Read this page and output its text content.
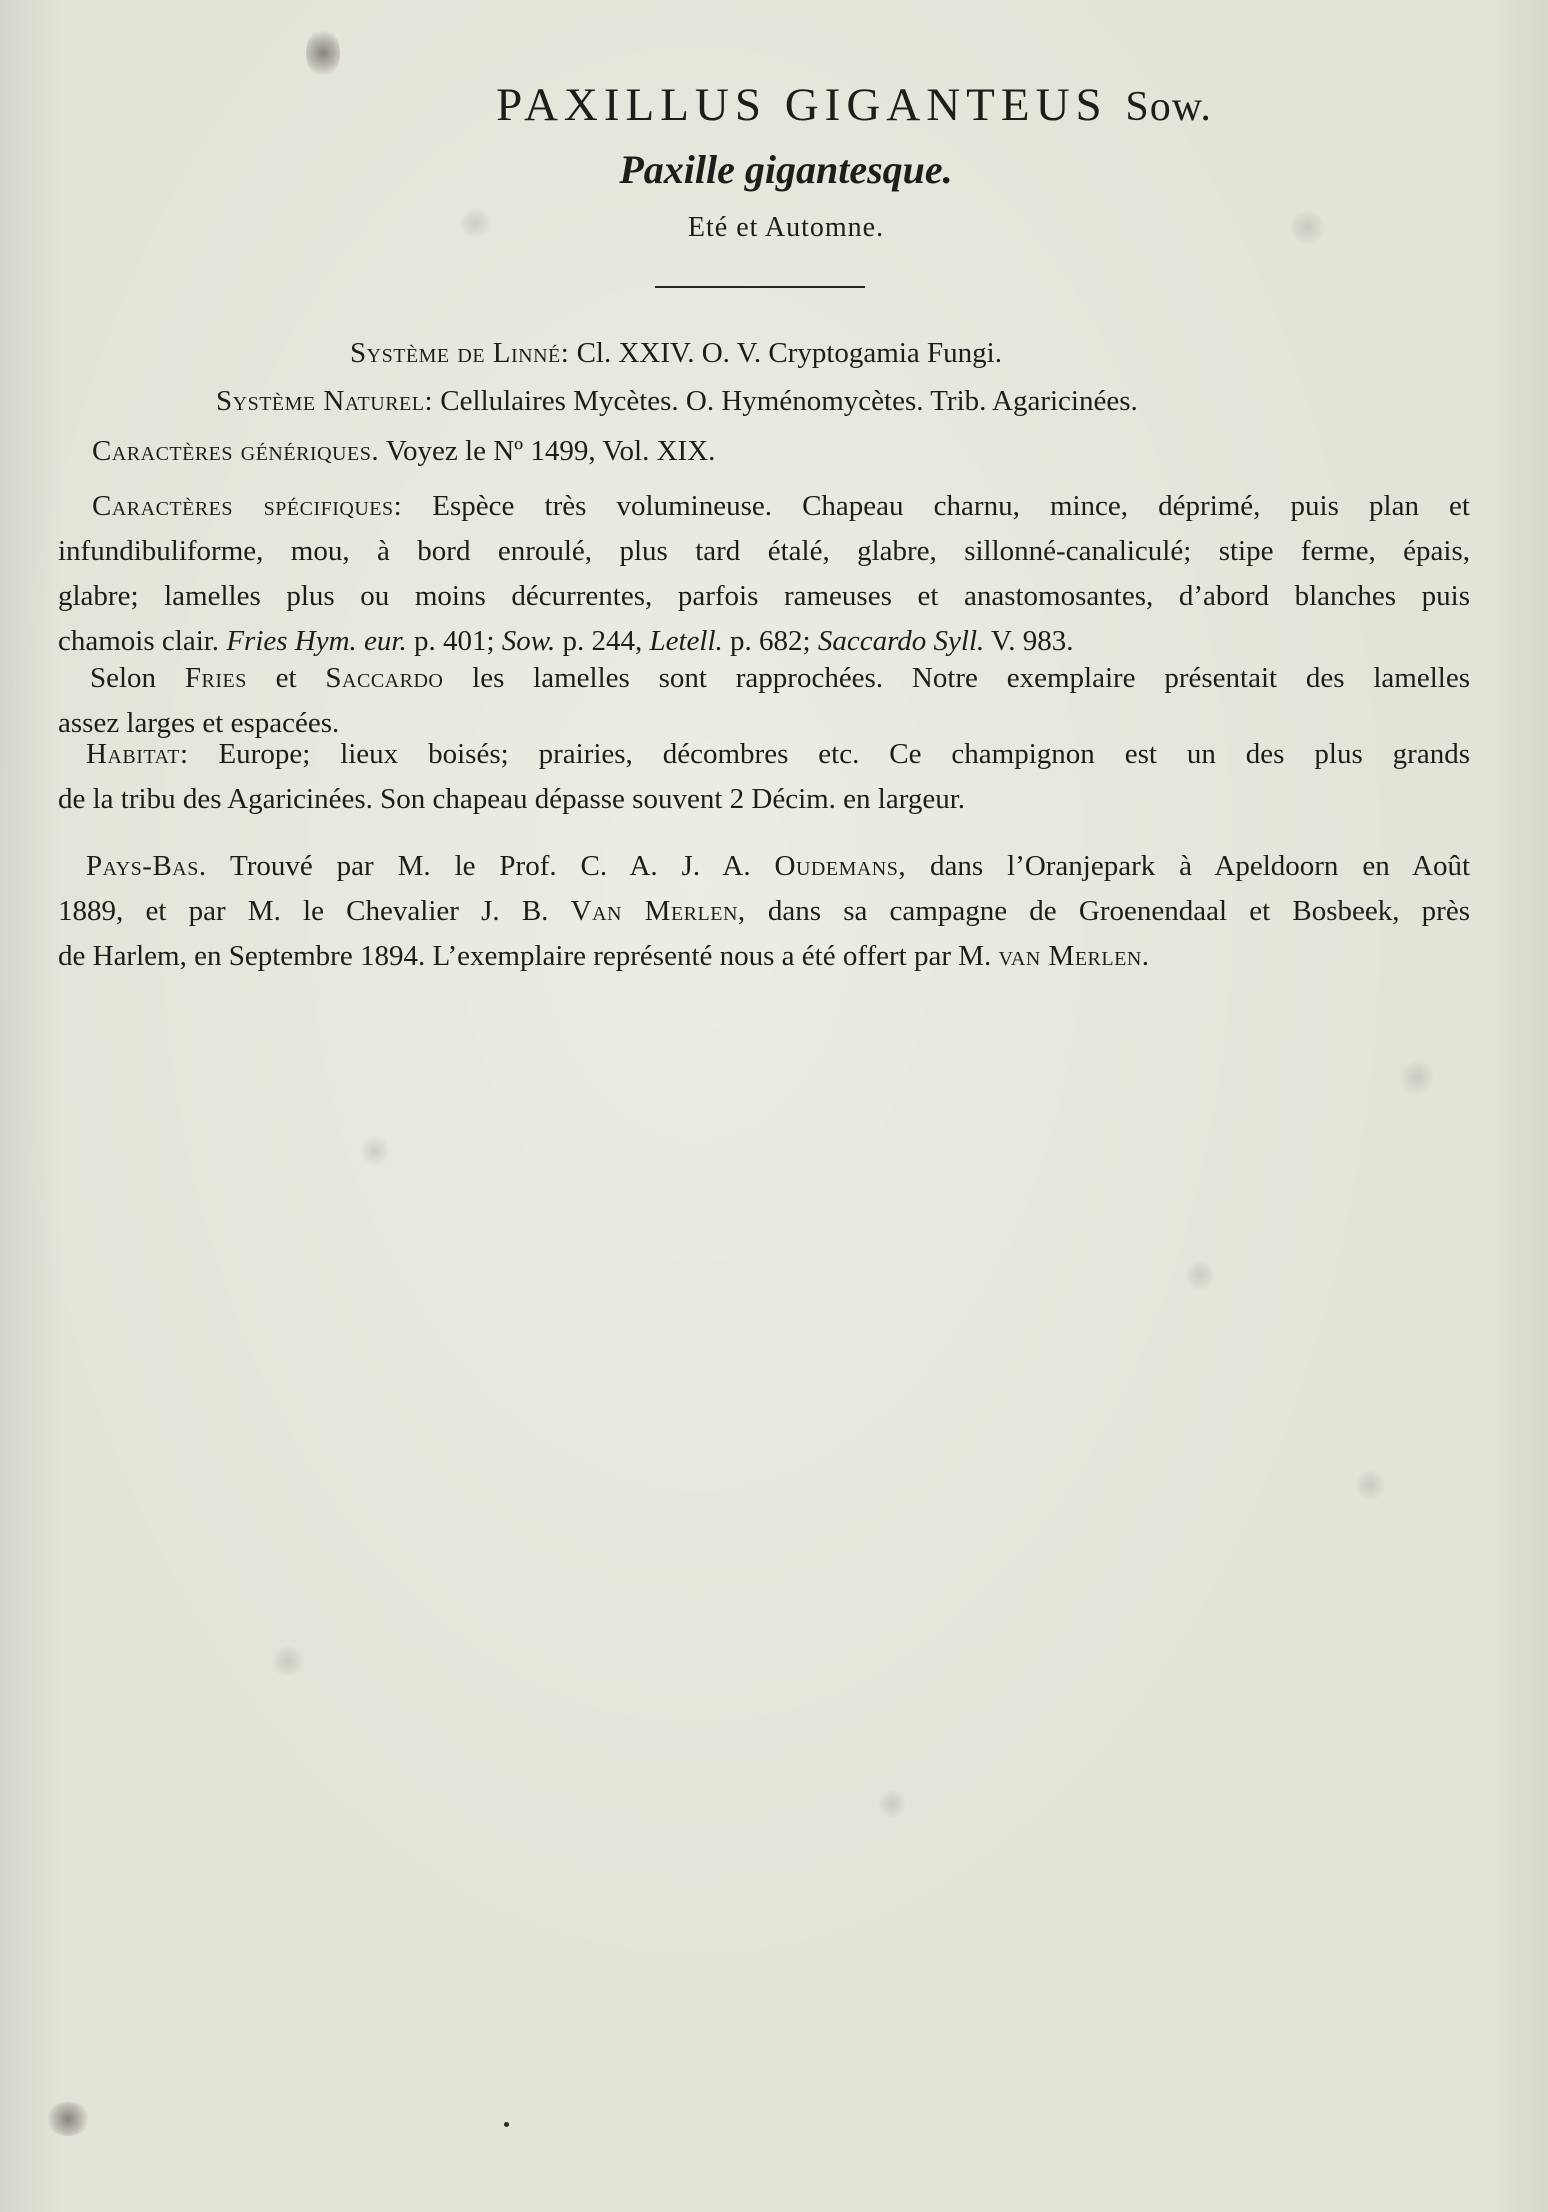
PAXILLUS GIGANTEUS Sow.
Paxille gigantesque.
Eté et Automne.
Système de Linné: Cl. XXIV. O. V. Cryptogamia Fungi.
Système Naturel: Cellulaires Mycètes. O. Hyménomycètes. Trib. Agaricinées.
Caractères génériques. Voyez le Nº 1499, Vol. XIX.
Caractères spécifiques: Espèce très volumineuse. Chapeau charnu, mince, déprimé, puis plan et
infundibuliforme, mou, à bord enroulé, plus tard étalé, glabre, sillonné-canaliculé; stipe ferme, épais,
glabre; lamelles plus ou moins décurrentes, parfois rameuses et anastomosantes, d’abord blanches puis
chamois clair. Fries Hym. eur. p. 401; Sow. p. 244, Letell. p. 682; Saccardo Syll. V. 983.
Selon Fries et Saccardo les lamelles sont rapprochées. Notre exemplaire présentait des lamelles
assez larges et espacées.
Habitat: Europe; lieux boisés; prairies, décombres etc. Ce champignon est un des plus grands
de la tribu des Agaricinées. Son chapeau dépasse souvent 2 Décim. en largeur.
Pays-Bas. Trouvé par M. le Prof. C. A. J. A. Oudemans, dans l’Oranjepark à Apeldoorn en Août
1889, et par M. le Chevalier J. B. Van Merlen, dans sa campagne de Groenendaal et Bosbeek, près
de Harlem, en Septembre 1894. L’exemplaire représenté nous a été offert par M. van Merlen.
